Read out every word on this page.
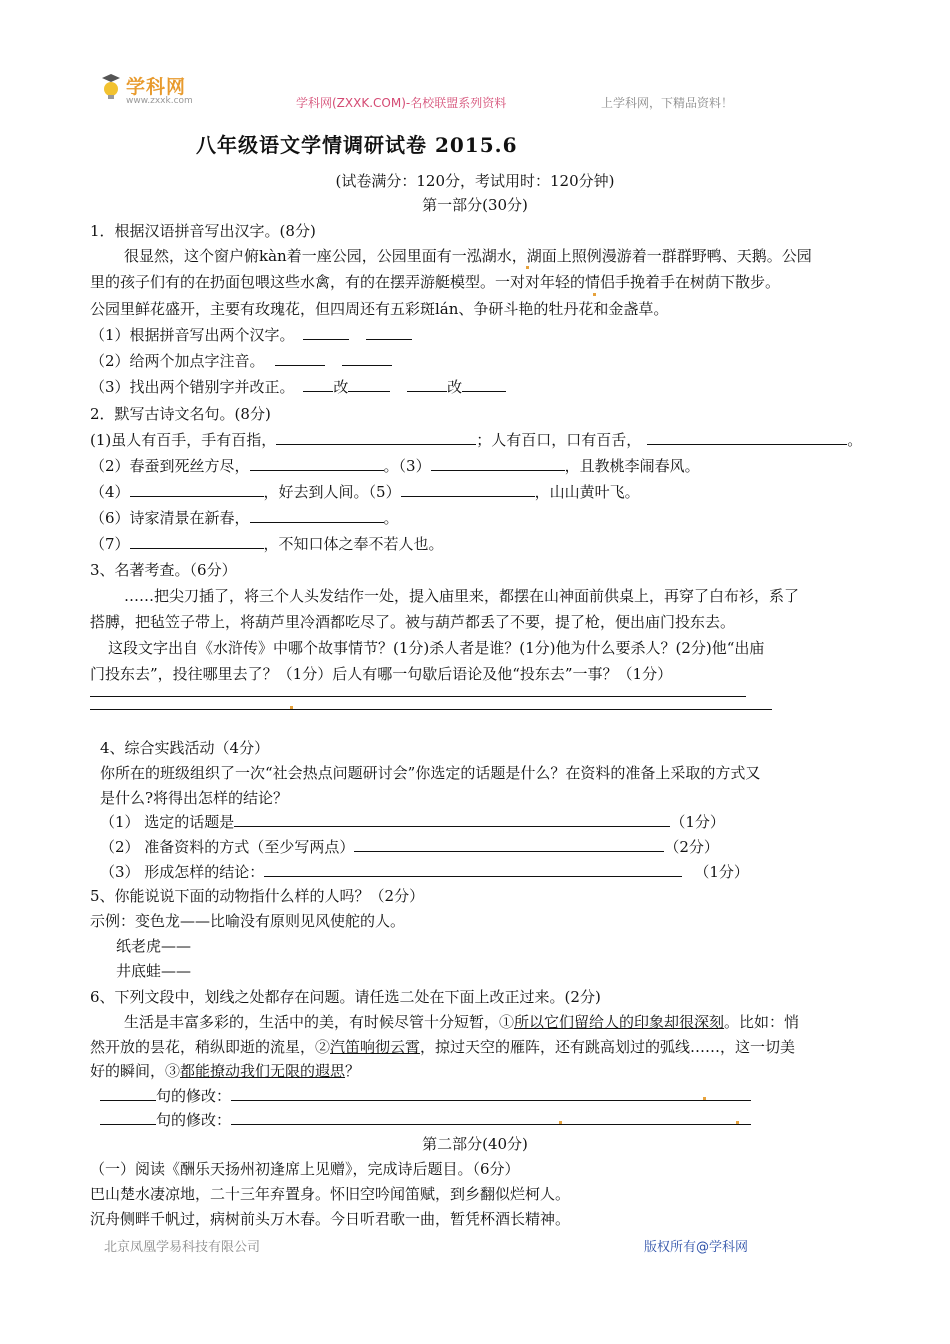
学科网
www.zxxk.com	学科网(ZXXK.COM)-名校联盟系列资料	上学科网，下精品资料！
八年级语文学情调研试卷 2015.6
(试卷满分：120分，考试用时：120分钟)
第一部分(30分)
1．根据汉语拼音写出汉字。(8分)
很显然，这个窗户俯kàn着一座公园，公园里面有一泓湖水，湖面上照例漫游着一群群野鸭、天鹅。公园
里的孩子们有的在扔面包喂这些水禽，有的在摆弄游艇模型。一对对年轻的情侣手挽着手在树荫下散步。
公园里鲜花盛开，主要有玫瑰花，但四周还有五彩斑lán、争研斗艳的牡丹花和金盏草。
（1）根据拼音写出两个汉字。
（2）给两个加点字注音。
（3）找出两个错别字并改正。	改	改
2．默写古诗文名句。(8分)
(1)虽人有百手，手有百指，	；人有百口，口有百舌，	。
（2）春蚕到死丝方尽，	。（3）	，且教桃李闹春风。
（4）	，好去到人间。（5）	，山山黄叶飞。
（6）诗家清景在新春，	。
（7）	，不知口体之奉不若人也。
3、名著考查。（6分）
……把尖刀插了，将三个人头发结作一处，提入庙里来，都摆在山神面前供桌上，再穿了白布衫，系了
搭膊，把毡笠子带上，将葫芦里冷酒都吃尽了。被与葫芦都丢了不要，提了枪，便出庙门投东去。
这段文字出自《水浒传》中哪个故事情节？(1分)杀人者是谁？(1分)他为什么要杀人？(2分)他“出庙
门投东去”，投往哪里去了？（1分）后人有哪一句歇后语论及他“投东去”一事？（1分）
4、综合实践活动（4分）
你所在的班级组织了一次“社会热点问题研讨会”你选定的话题是什么？在资料的准备上采取的方式又
是什么?将得出怎样的结论？
（1） 选定的话题是	（1分）
（2） 准备资料的方式（至少写两点）	（2分）
（3） 形成怎样的结论：	（1分）
5、你能说说下面的动物指什么样的人吗？（2分）
示例：变色龙——比喻没有原则见风使舵的人。
纸老虎——
井底蛙——
6、下列文段中，划线之处都存在问题。请任选二处在下面上改正过来。(2分)
生活是丰富多彩的，生活中的美，有时候尽管十分短暂，①所以它们留给人的印象却很深刻。比如：悄
然开放的昙花，稍纵即逝的流星，②汽笛响彻云霄，掠过天空的雁阵，还有跳高划过的弧线……，这一切美
好的瞬间，③都能撩动我们无限的遐思？
句的修改：
句的修改：
第二部分(40分)
（一）阅读《酬乐天扬州初逢席上见赠》，完成诗后题目。（6分）
巴山楚水凄凉地，二十三年弃置身。怀旧空吟闻笛赋，到乡翻似烂柯人。
沉舟侧畔千帆过，病树前头万木春。今日听君歌一曲，暂凭杯酒长精神。
北京凤凰学易科技有限公司	版权所有@学科网
